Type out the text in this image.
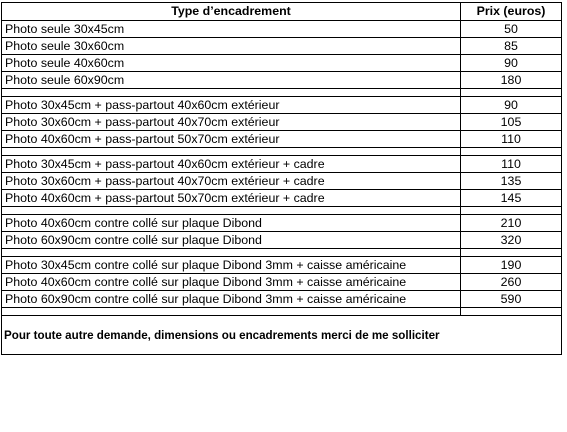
Type d’encadrement	Prix (euros)
Photo seule 30x45cm	50
Photo seule 30x60cm	85
Photo seule 40x60cm	90
Photo seule 60x90cm	180

Photo 30x45cm + pass-partout 40x60cm extérieur	90
Photo 30x60cm + pass-partout 40x70cm extérieur	105
Photo 40x60cm + pass-partout 50x70cm extérieur	110

Photo 30x45cm + pass-partout 40x60cm extérieur + cadre	110
Photo 30x60cm + pass-partout 40x70cm extérieur + cadre	135
Photo 40x60cm + pass-partout 50x70cm extérieur + cadre	145

Photo 40x60cm contre collé sur plaque Dibond	210
Photo 60x90cm contre collé sur plaque Dibond	320

Photo 30x45cm contre collé sur plaque Dibond 3mm + caisse américaine	190
Photo 40x60cm contre collé sur plaque Dibond 3mm + caisse américaine	260
Photo 60x90cm contre collé sur plaque Dibond 3mm + caisse américaine	590

Pour toute autre demande, dimensions ou encadrements merci de me solliciter	
